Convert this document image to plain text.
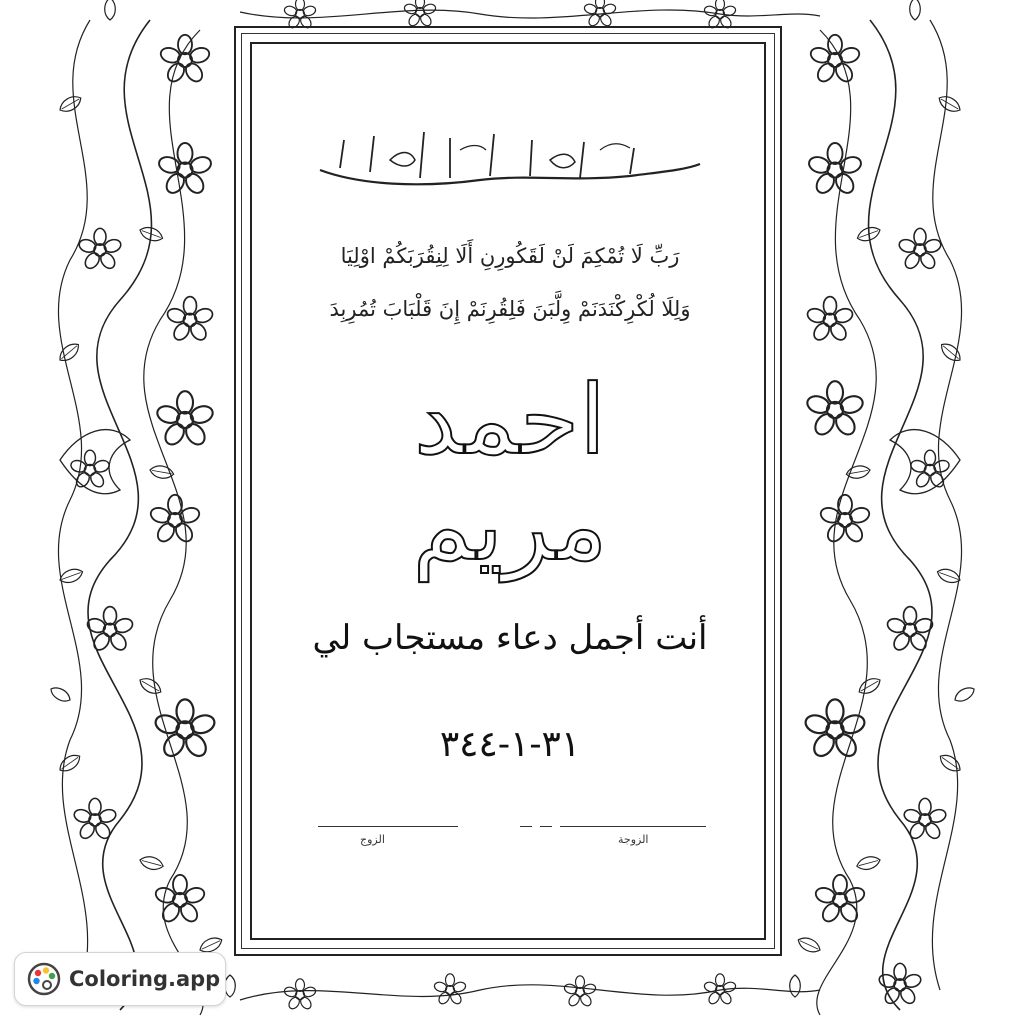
رَبِّ لَا تُمْكِمَ لَنْ لَقَكُورِنِ أَلَا لِنِقُرَبَكُمْ اوْلِيَا
وَلِلَا لُكْرِكْنَدَنَمْ وِلَّبَنَ فَلِقُرِنَمْ إِنَ قَلْبَابَ تُمُرِبِدَ
احمد
مريم
أنت أجمل دعاء مستجاب لي
٣١-١-٣٤٤
الزوج	الزوجة
Coloring.app
